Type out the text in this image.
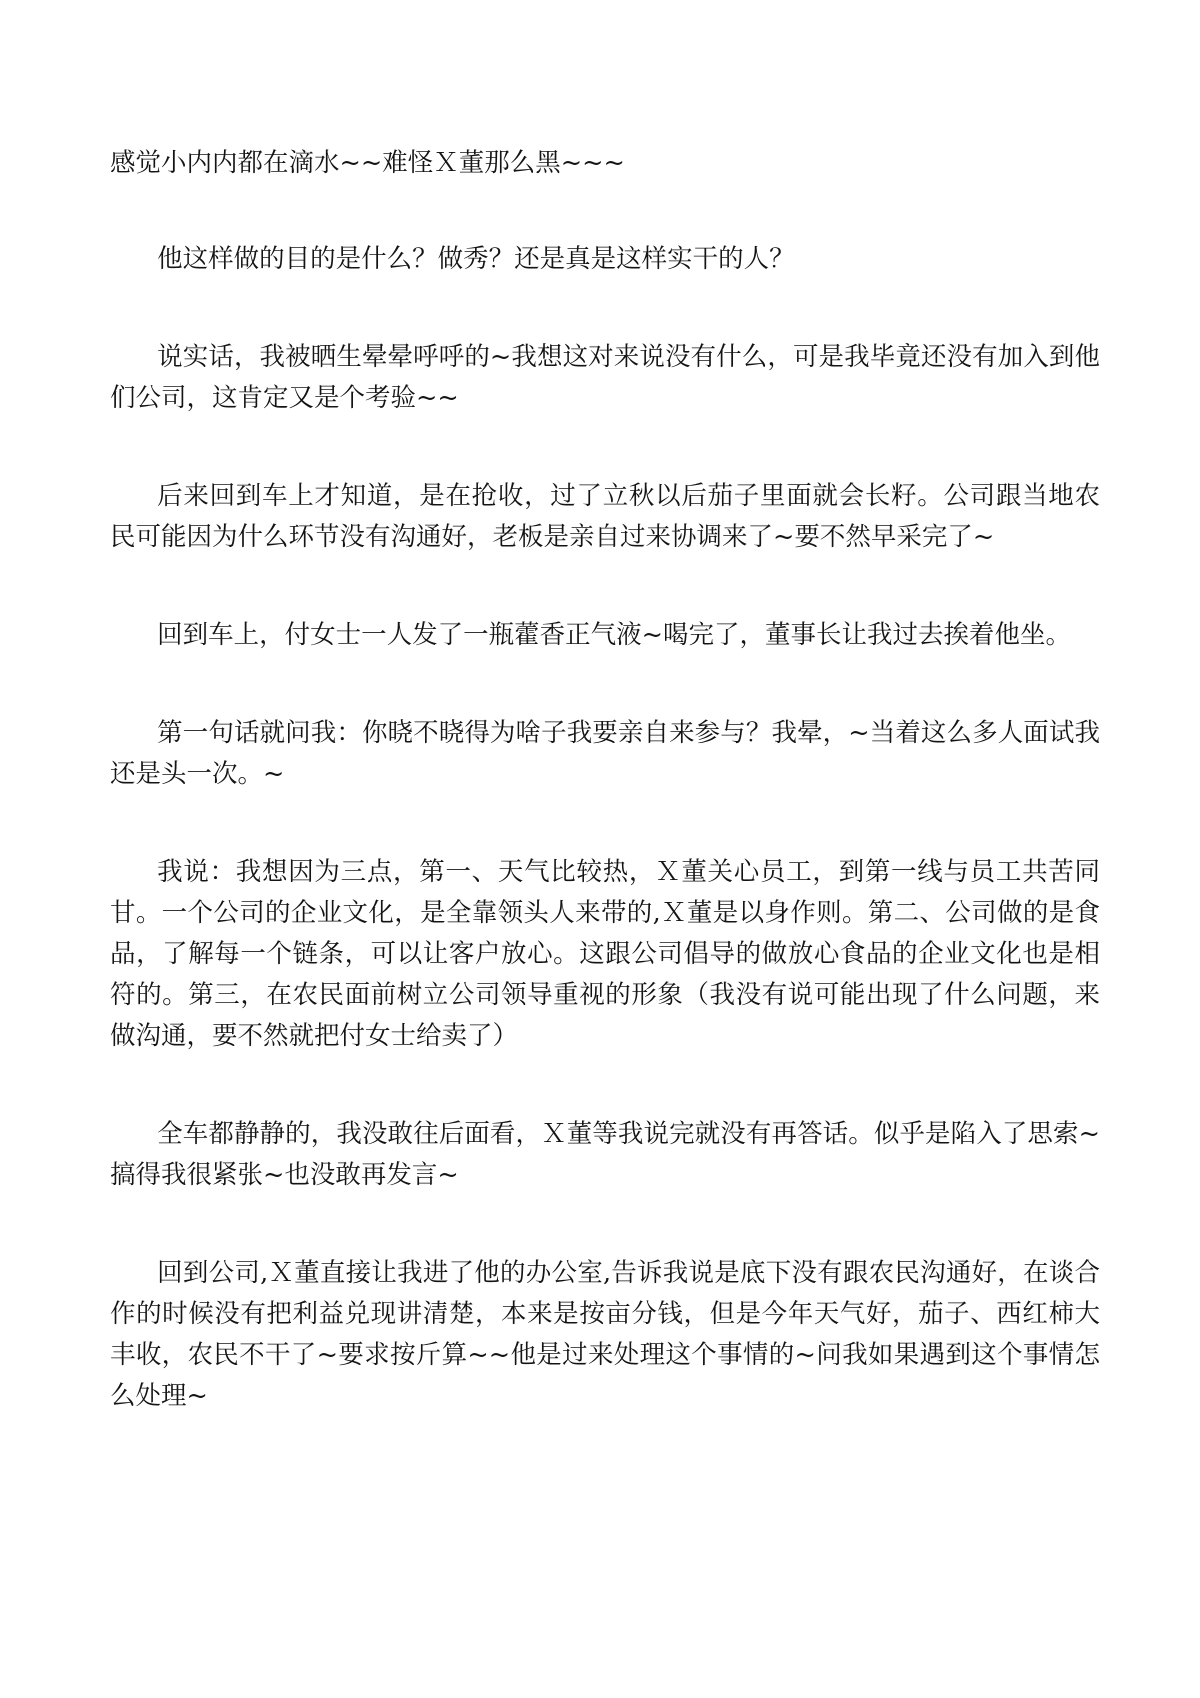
感觉小内内都在滴水~~难怪Ｘ董那么黑~~~

他这样做的目的是什么？做秀？还是真是这样实干的人？

说实话，我被晒生晕晕呼呼的~我想这对来说没有什么，可是我毕竟还没有加入到他们公司，这肯定又是个考验~~

后来回到车上才知道，是在抢收，过了立秋以后茄子里面就会长籽。公司跟当地农民可能因为什么环节没有沟通好，老板是亲自过来协调来了~要不然早采完了~

回到车上，付女士一人发了一瓶藿香正气液~喝完了，董事长让我过去挨着他坐。

第一句话就问我：你晓不晓得为啥子我要亲自来参与？我晕，~当着这么多人面试我还是头一次。~

我说：我想因为三点，第一、天气比较热，Ｘ董关心员工，到第一线与员工共苦同甘。一个公司的企业文化，是全靠领头人来带的,Ｘ董是以身作则。第二、公司做的是食品，了解每一个链条，可以让客户放心。这跟公司倡导的做放心食品的企业文化也是相符的。第三，在农民面前树立公司领导重视的形象（我没有说可能出现了什么问题，来做沟通，要不然就把付女士给卖了）

全车都静静的，我没敢往后面看，Ｘ董等我说完就没有再答话。似乎是陷入了思索~搞得我很紧张~也没敢再发言~

回到公司,Ｘ董直接让我进了他的办公室,告诉我说是底下没有跟农民沟通好，在谈合作的时候没有把利益兑现讲清楚，本来是按亩分钱，但是今年天气好，茄子、西红柿大丰收，农民不干了~要求按斤算~~他是过来处理这个事情的~问我如果遇到这个事情怎么处理~
